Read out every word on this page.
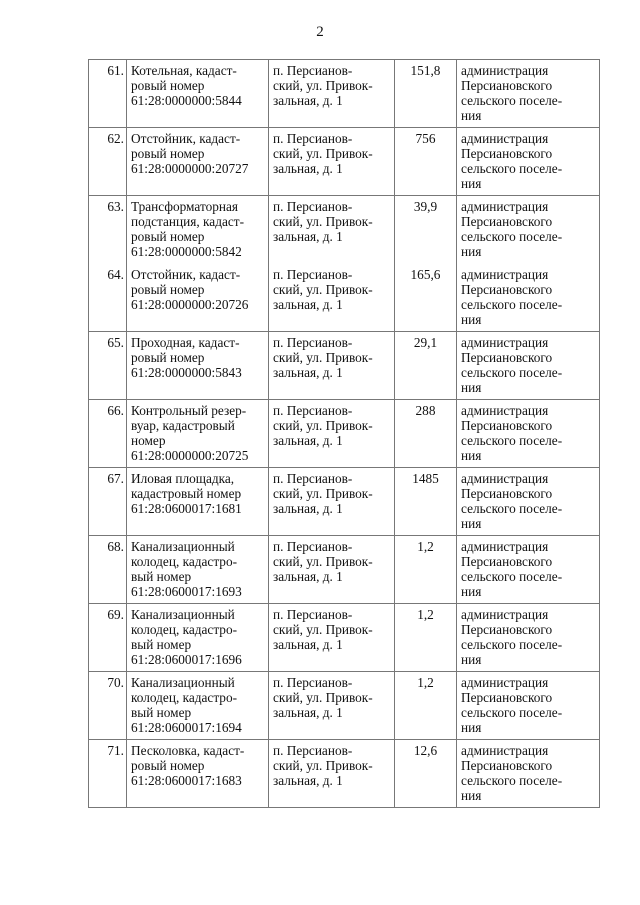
2
61.	Котельная, кадаст-
ровый номер
61:28:0000000:5844	п. Персианов-
ский, ул. Привок-
зальная, д. 1	151,8	администрация
Персиановского
сельского поселе-
ния

62.	Отстойник, кадаст-
ровый номер
61:28:0000000:20727	п. Персианов-
ский, ул. Привок-
зальная, д. 1	756	администрация
Персиановского
сельского поселе-
ния

63.	Трансформаторная
подстанция, кадаст-
ровый номер
61:28:0000000:5842	п. Персианов-
ский, ул. Привок-
зальная, д. 1	39,9	администрация
Персиановского
сельского поселе-
ния

64.	Отстойник, кадаст-
ровый номер
61:28:0000000:20726	п. Персианов-
ский, ул. Привок-
зальная, д. 1	165,6	администрация
Персиановского
сельского поселе-
ния

65.	Проходная, кадаст-
ровый номер
61:28:0000000:5843	п. Персианов-
ский, ул. Привок-
зальная, д. 1	29,1	администрация
Персиановского
сельского поселе-
ния

66.	Контрольный резер-
вуар, кадастровый
номер
61:28:0000000:20725	п. Персианов-
ский, ул. Привок-
зальная, д. 1	288	администрация
Персиановского
сельского поселе-
ния

67.	Иловая площадка,
кадастровый номер
61:28:0600017:1681	п. Персианов-
ский, ул. Привок-
зальная, д. 1	1485	администрация
Персиановского
сельского поселе-
ния

68.	Канализационный
колодец, кадастро-
вый номер
61:28:0600017:1693	п. Персианов-
ский, ул. Привок-
зальная, д. 1	1,2	администрация
Персиановского
сельского поселе-
ния

69.	Канализационный
колодец, кадастро-
вый номер
61:28:0600017:1696	п. Персианов-
ский, ул. Привок-
зальная, д. 1	1,2	администрация
Персиановского
сельского поселе-
ния

70.	Канализационный
колодец, кадастро-
вый номер
61:28:0600017:1694	п. Персианов-
ский, ул. Привок-
зальная, д. 1	1,2	администрация
Персиановского
сельского поселе-
ния

71.	Песколовка, кадаст-
ровый номер
61:28:0600017:1683	п. Персианов-
ский, ул. Привок-
зальная, д. 1	12,6	администрация
Персиановского
сельского поселе-
ния
